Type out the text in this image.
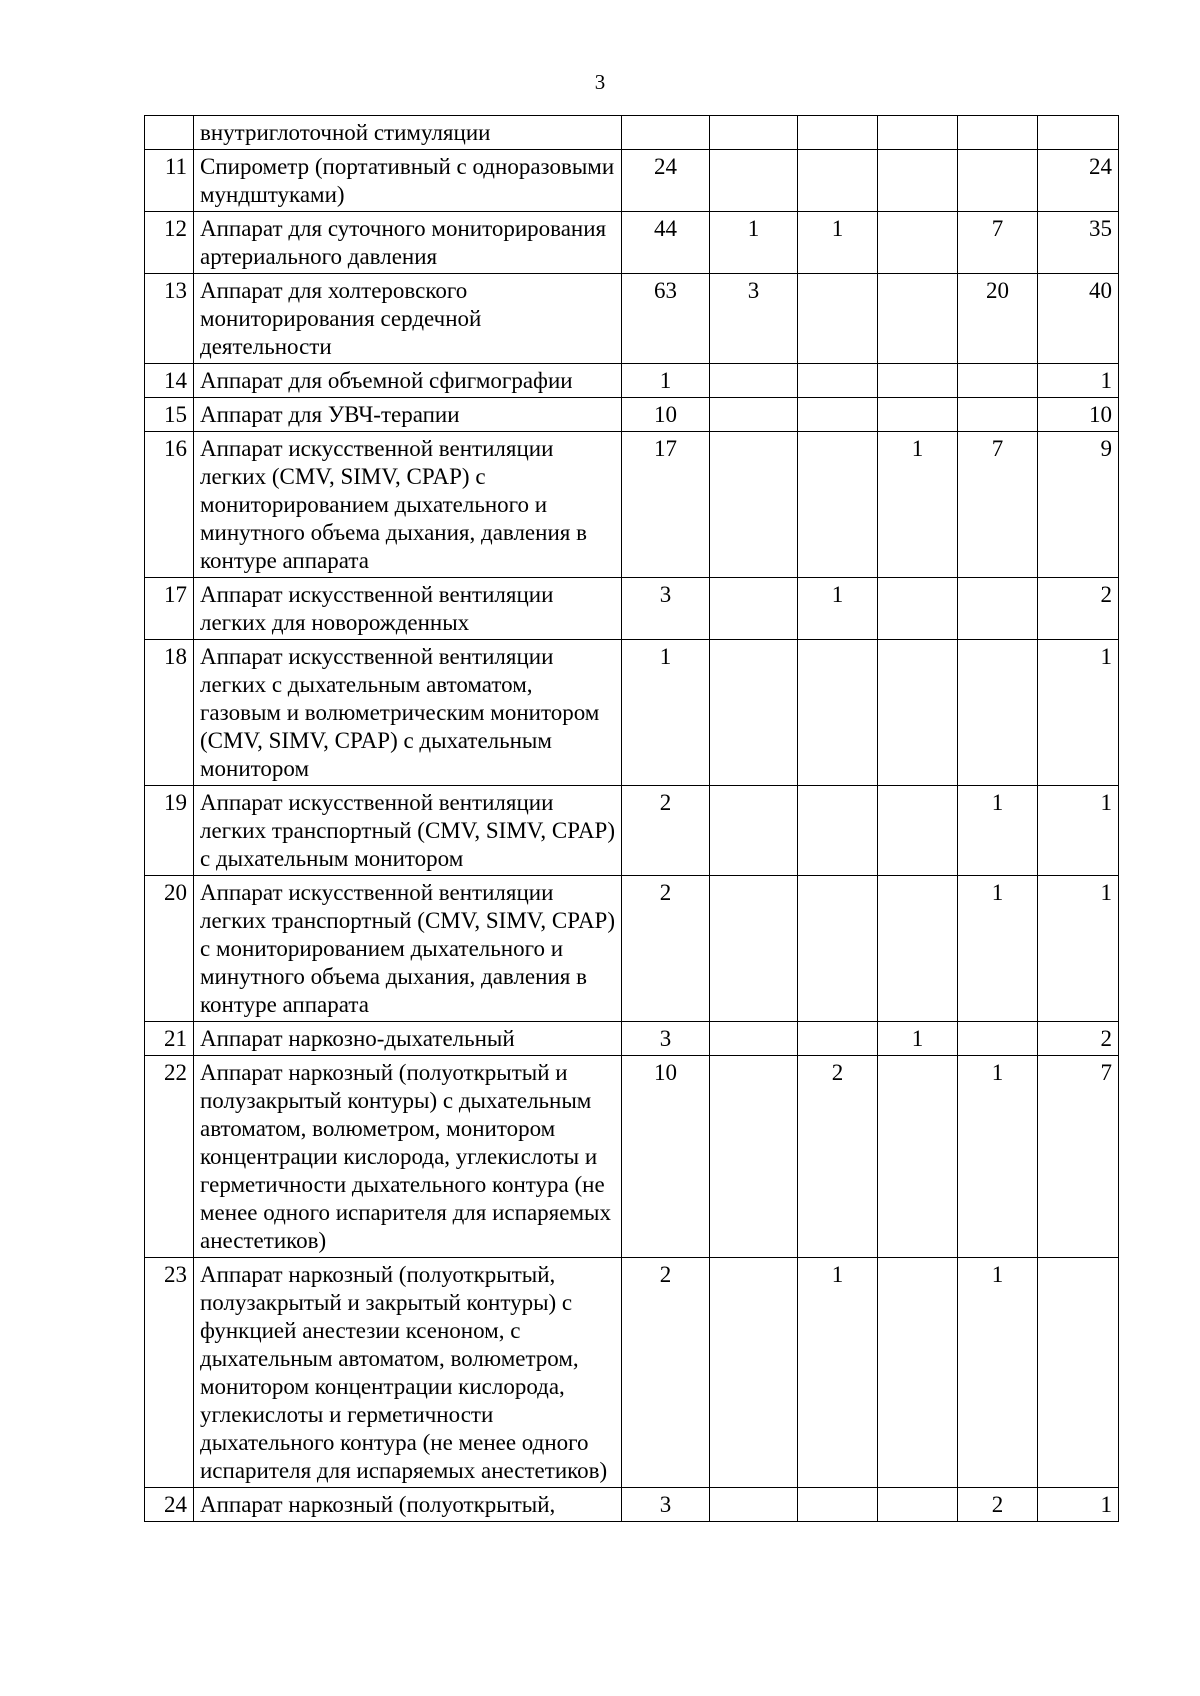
3
	внутриглоточной стимуляции						
11	Спирометр (портативный с одноразовыми мундштуками)	24					24
12	Аппарат для суточного мониторирования артериального давления	44	1	1		7	35
13	Аппарат для холтеровского мониторирования сердечной деятельности	63	3			20	40
14	Аппарат для объемной сфигмографии	1					1
15	Аппарат для УВЧ-терапии	10					10
16	Аппарат искусственной вентиляции легких (CMV, SIMV, CPAP) с мониторированием дыхательного и минутного объема дыхания, давления в контуре аппарата	17			1	7	9
17	Аппарат искусственной вентиляции легких для новорожденных	3		1			2
18	Аппарат искусственной вентиляции легких с дыхательным автоматом, газовым и волюметрическим монитором (CMV, SIMV, CPAP) с дыхательным монитором	1					1
19	Аппарат искусственной вентиляции легких транспортный (CMV, SIMV, CPAP) с дыхательным монитором	2				1	1
20	Аппарат искусственной вентиляции легких транспортный (CMV, SIMV, CPAP) с мониторированием дыхательного и минутного объема дыхания, давления в контуре аппарата	2				1	1
21	Аппарат наркозно-дыхательный	3			1		2
22	Аппарат наркозный (полуоткрытый и полузакрытый контуры) с дыхательным автоматом, волюметром, монитором концентрации кислорода, углекислоты и герметичности дыхательного контура (не менее одного испарителя для испаряемых анестетиков)	10		2		1	7
23	Аппарат наркозный (полуоткрытый, полузакрытый и закрытый контуры) с функцией анестезии ксеноном, с дыхательным автоматом, волюметром, монитором концентрации кислорода, углекислоты и герметичности дыхательного контура (не менее одного испарителя для испаряемых анестетиков)	2		1		1	
24	Аппарат наркозный (полуоткрытый,	3				2	1
